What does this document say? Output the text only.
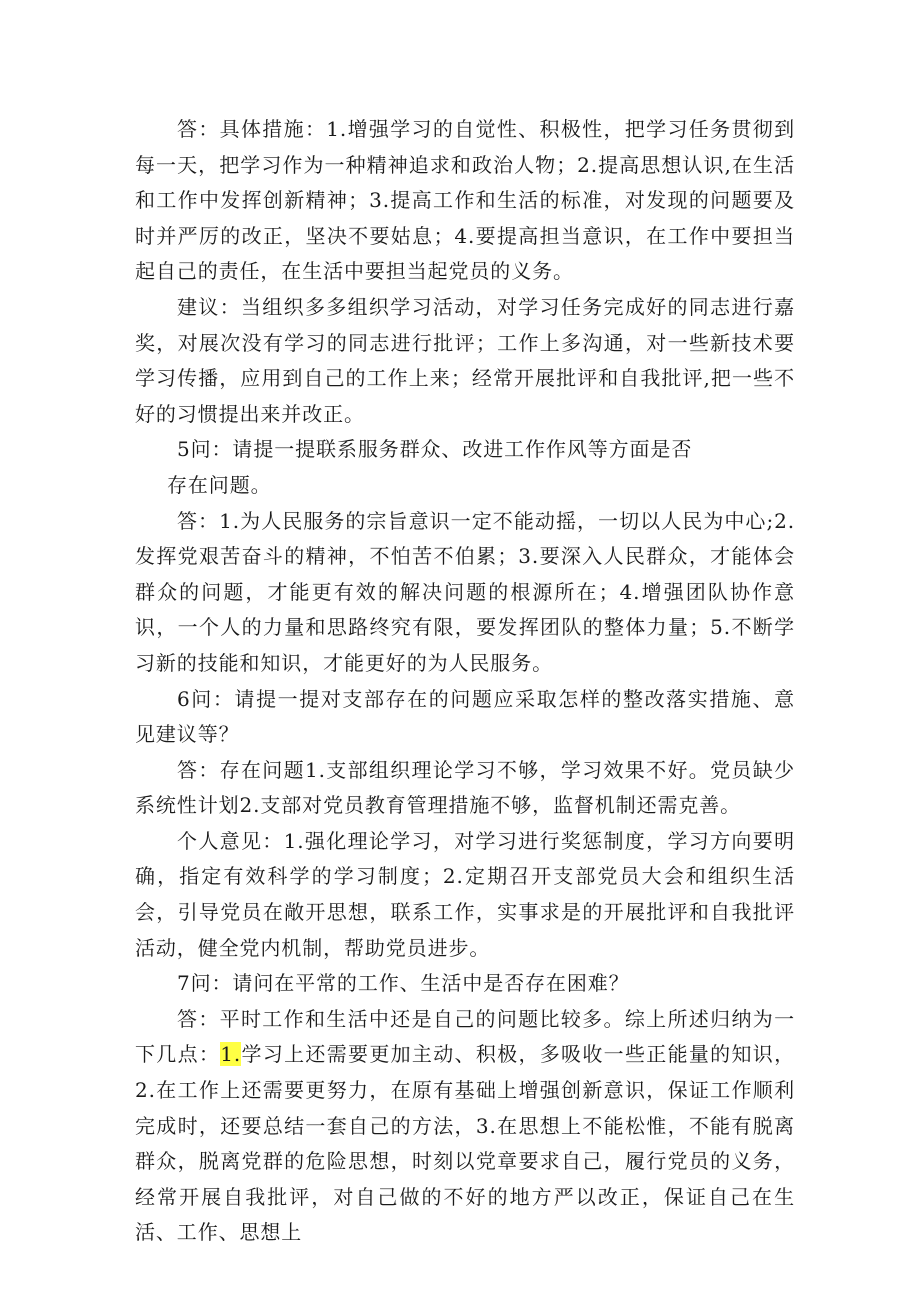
答：具体措施：1.增强学习的自觉性、积极性，把学习任务贯彻到每一天，把学习作为一种精神追求和政治人物；2.提高思想认识,在生活和工作中发挥创新精神；3.提高工作和生活的标准，对发现的问题要及时并严厉的改正，坚决不要姑息；4.要提高担当意识，在工作中要担当起自己的责任，在生活中要担当起党员的义务。

建议：当组织多多组织学习活动，对学习任务完成好的同志进行嘉奖，对展次没有学习的同志进行批评；工作上多沟通，对一些新技术要学习传播，应用到自己的工作上来；经常开展批评和自我批评,把一些不好的习惯提出来并改正。

5问：请提一提联系服务群众、改进工作作风等方面是否

存在问题。

答：1.为人民服务的宗旨意识一定不能动摇，一切以人民为中心;2.发挥党艰苦奋斗的精神，不怕苦不伯累；3.要深入人民群众，才能体会群众的问题，才能更有效的解决问题的根源所在；4.增强团队协作意识，一个人的力量和思路终究有限，要发挥团队的整体力量；5.不断学习新的技能和知识，才能更好的为人民服务。

6问：请提一提对支部存在的问题应采取怎样的整改落实措施、意见建议等？

答：存在问题1.支部组织理论学习不够，学习效果不好。党员缺少系统性计划2.支部对党员教育管理措施不够，监督机制还需克善。

个人意见：1.强化理论学习，对学习进行奖惩制度，学习方向要明确，指定有效科学的学习制度；2.定期召开支部党员大会和组织生活会，引导党员在敞开思想，联系工作，实事求是的开展批评和自我批评活动，健全党内机制，帮助党员进步。

7问：请问在平常的工作、生活中是否存在困难？

答：平时工作和生活中还是自己的问题比较多。综上所述归纳为一下几点：1.学习上还需要更加主动、积极，多吸收一些正能量的知识，2.在工作上还需要更努力，在原有基础上增强创新意识，保证工作顺利完成时，还要总结一套自己的方法，3.在思想上不能松惟，不能有脱离群众，脱离党群的危险思想，时刻以党章要求自己，履行党员的义务，经常开展自我批评，对自己做的不好的地方严以改正，保证自己在生活、工作、思想上
